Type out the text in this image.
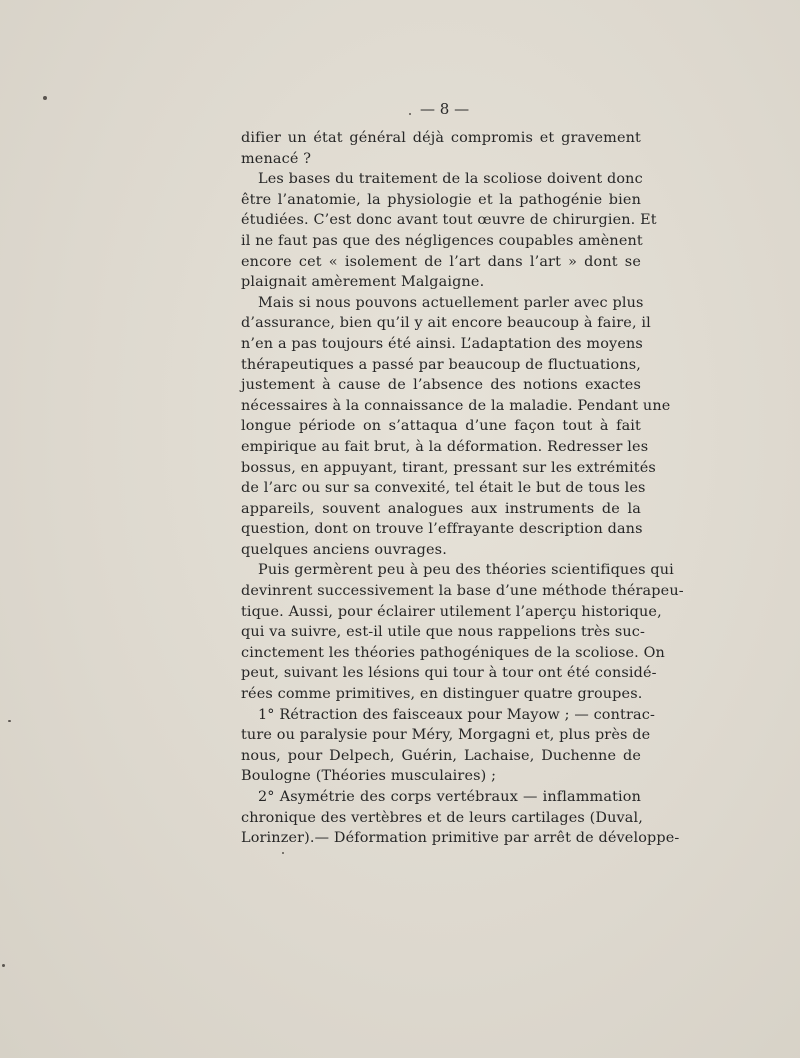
— 8 —
difier un état général déjà compromis et gravement
menacé ?
Les bases du traitement de la scoliose doivent donc
être l’anatomie, la physiologie et la pathogénie bien
étudiées. C’est donc avant tout œuvre de chirurgien. Et
il ne faut pas que des négligences coupables amènent
encore cet « isolement de l’art dans l’art » dont se
plaignait amèrement Malgaigne.
Mais si nous pouvons actuellement parler avec plus
d’assurance, bien qu’il y ait encore beaucoup à faire, il
n’en a pas toujours été ainsi. L’adaptation des moyens
thérapeutiques a passé par beaucoup de fluctuations,
justement à cause de l’absence des notions exactes
nécessaires à la connaissance de la maladie. Pendant une
longue période on s’attaqua d’une façon tout à fait
empirique au fait brut, à la déformation. Redresser les
bossus, en appuyant, tirant, pressant sur les extrémités
de l’arc ou sur sa convexité, tel était le but de tous les
appareils, souvent analogues aux instruments de la
question, dont on trouve l’effrayante description dans
quelques anciens ouvrages.
Puis germèrent peu à peu des théories scientifiques qui
devinrent successivement la base d’une méthode thérapeu-
tique. Aussi, pour éclairer utilement l’aperçu historique,
qui va suivre, est-il utile que nous rappelions très suc-
cinctement les théories pathogéniques de la scoliose. On
peut, suivant les lésions qui tour à tour ont été considé-
rées comme primitives, en distinguer quatre groupes.
1° Rétraction des faisceaux pour Mayow ; — contrac-
ture ou paralysie pour Méry, Morgagni et, plus près de
nous, pour Delpech, Guérin, Lachaise, Duchenne de
Boulogne (Théories musculaires) ;
2° Asymétrie des corps vertébraux — inflammation
chronique des vertèbres et de leurs cartilages (Duval,
Lorinzer).— Déformation primitive par arrêt de développe-
